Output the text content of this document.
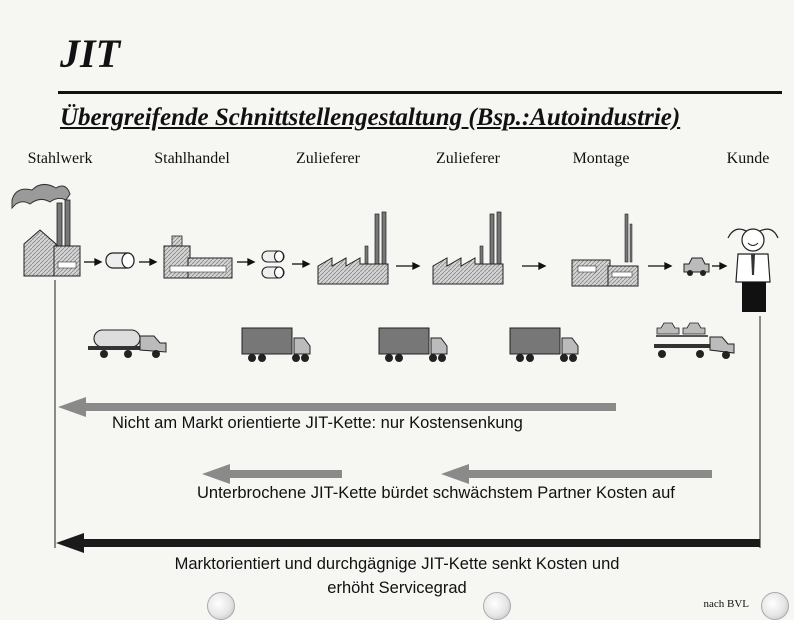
JIT
Übergreifende Schnittstellengestaltung (Bsp.:Autoindustrie)
Stahlwerk	Stahlhandel	Zulieferer	Zulieferer	Montage	Kunde
Nicht am Markt orientierte JIT-Kette: nur Kostensenkung
Unterbrochene JIT-Kette bürdet schwächstem Partner Kosten auf
Marktorientiert und durchgägnige JIT-Kette senkt Kosten und
erhöht Servicegrad
nach BVL
